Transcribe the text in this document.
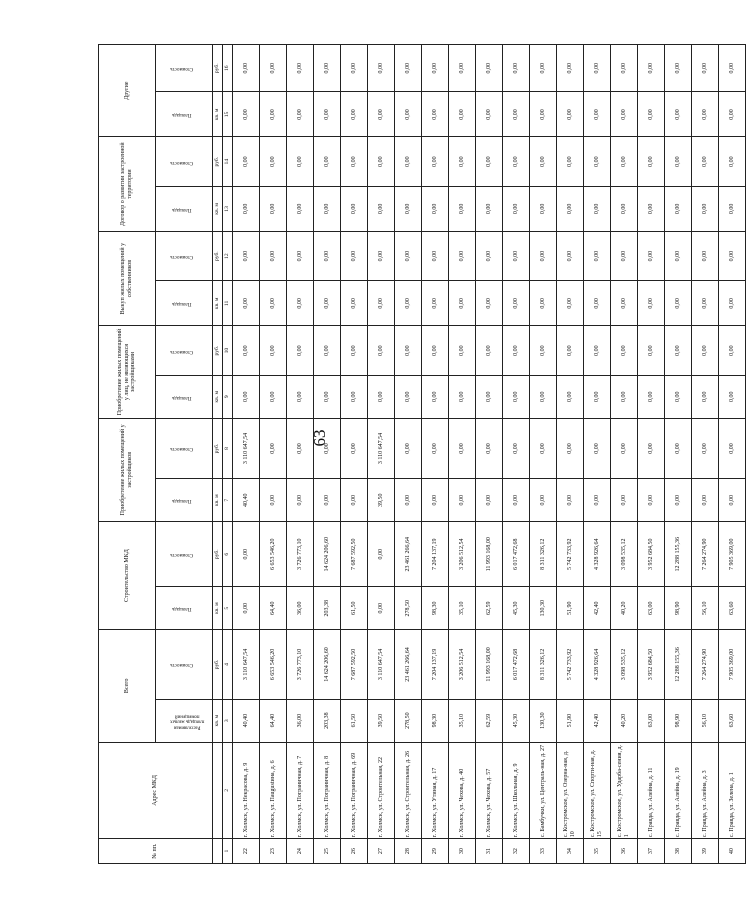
63
№ пп.	Адрес МКД	Всего		Строительство МКД		Приобретение жилых помещений у застройщиков		Приобретение жилых помещений у лиц, не являющихся застройщиками		Выкуп жилых помещений у собственников		Договор о развитии застроенной территории		Другие	

		Расселяемая площадь жилых помещений	Стоимость	Площадь	Стоимость	Площадь	Стоимость	Площадь	Стоимость	Площадь	Стоимость	Площадь	Стоимость	Площадь	Стоимость

		кв. м	руб.	кв. м	руб.	кв. м	руб.	кв. м	руб.	кв. м	руб.	кв. м	руб.	кв. м	руб.
1	2	3	4	5	6	7	8	9	10	11	12	13	14	15	16
22	г. Холмск, ул. Некрасова, д. 9	40,40	3 110 647,54	0,00	0,00	40,40	3 110 647,54	0,00	0,00	0,00	0,00	0,00	0,00	0,00	0,00
23	г. Холмск, ул. Пaugustина, д. 6	64,40	6 653 546,20	64,40	6 653 546,20	0,00	0,00	0,00	0,00	0,00	0,00	0,00	0,00	0,00	0,00
24	г. Холмск, ул. Пограничная, д. 7	36,00	3 726 773,10	36,00	3 726 773,10	0,00	0,00	0,00	0,00	0,00	0,00	0,00	0,00	0,00	0,00
25	г. Холмск, ул. Пограничная, д. 8	203,38	14 624 206,60	203,38	14 624 206,60	0,00	0,00	0,00	0,00	0,00	0,00	0,00	0,00	0,00	0,00
26	г. Холмск, ул. Пограничная, д. 69	61,50	7 687 592,50	61,50	7 687 592,50	0,00	0,00	0,00	0,00	0,00	0,00	0,00	0,00	0,00	0,00
27	г. Холмск, ул. Строительная, 22	39,50	3 110 647,54	0,00	0,00	39,50	3 110 647,54	0,00	0,00	0,00	0,00	0,00	0,00	0,00	0,00
28	г. Холмск, ул. Строительная, д. 26	278,50	23 461 266,64	278,50	23 461 266,64	0,00	0,00	0,00	0,00	0,00	0,00	0,00	0,00	0,00	0,00
29	г. Холмск, ул. Утиная, д. 17	98,30	7 204 137,19	98,30	7 204 137,19	0,00	0,00	0,00	0,00	0,00	0,00	0,00	0,00	0,00	0,00
30	г. Холмск, ул. Чехова, д. 40	35,10	3 206 512,54	35,10	3 206 512,54	0,00	0,00	0,00	0,00	0,00	0,00	0,00	0,00	0,00	0,00
31	г. Холмск, ул. Чехова, д. 57	62,59	11 993 168,00	62,59	11 993 168,00	0,00	0,00	0,00	0,00	0,00	0,00	0,00	0,00	0,00	0,00
32	г. Холмск, ул. Школьная, д. 9	45,30	6 017 472,68	45,30	6 017 472,68	0,00	0,00	0,00	0,00	0,00	0,00	0,00	0,00	0,00	0,00
33	с. Бамбучки, ул. Централь-ная, д. 27	130,30	8 311 326,12	130,30	8 311 326,12	0,00	0,00	0,00	0,00	0,00	0,00	0,00	0,00	0,00	0,00
34	с. Костромское, ул. Озерна-ная, д. 10	51,90	5 742 733,92	51,90	5 742 733,92	0,00	0,00	0,00	0,00	0,00	0,00	0,00	0,00	0,00	0,00
35	с. Костромское, ул. Спорти-ная, д. 15	42,40	4 328 926,64	42,40	4 328 926,64	0,00	0,00	0,00	0,00	0,00	0,00	0,00	0,00	0,00	0,00
36	с. Костромское, ул. Ударба-сения, д. 1	40,20	3 098 535,12	40,20	3 098 535,12	0,00	0,00	0,00	0,00	0,00	0,00	0,00	0,00	0,00	0,00
37	с. Правда, ул. Алейна, д. 11	63,00	3 952 684,50	63,00	3 952 684,50	0,00	0,00	0,00	0,00	0,00	0,00	0,00	0,00	0,00	0,00
38	с. Правда, ул. Алейна, д. 19	98,90	12 288 155,36	98,90	12 288 155,36	0,00	0,00	0,00	0,00	0,00	0,00	0,00	0,00	0,00	0,00
39	с. Правда, ул. Алейна, д. 3	56,10	7 264 274,90	56,10	7 264 274,90	0,00	0,00	0,00	0,00	0,00	0,00	0,00	0,00	0,00	0,00
40	с. Правда, ул. Зелена, д. 1	63,60	7 905 369,00	63,60	7 905 369,00	0,00	0,00	0,00	0,00	0,00	0,00	0,00	0,00	0,00	0,00
